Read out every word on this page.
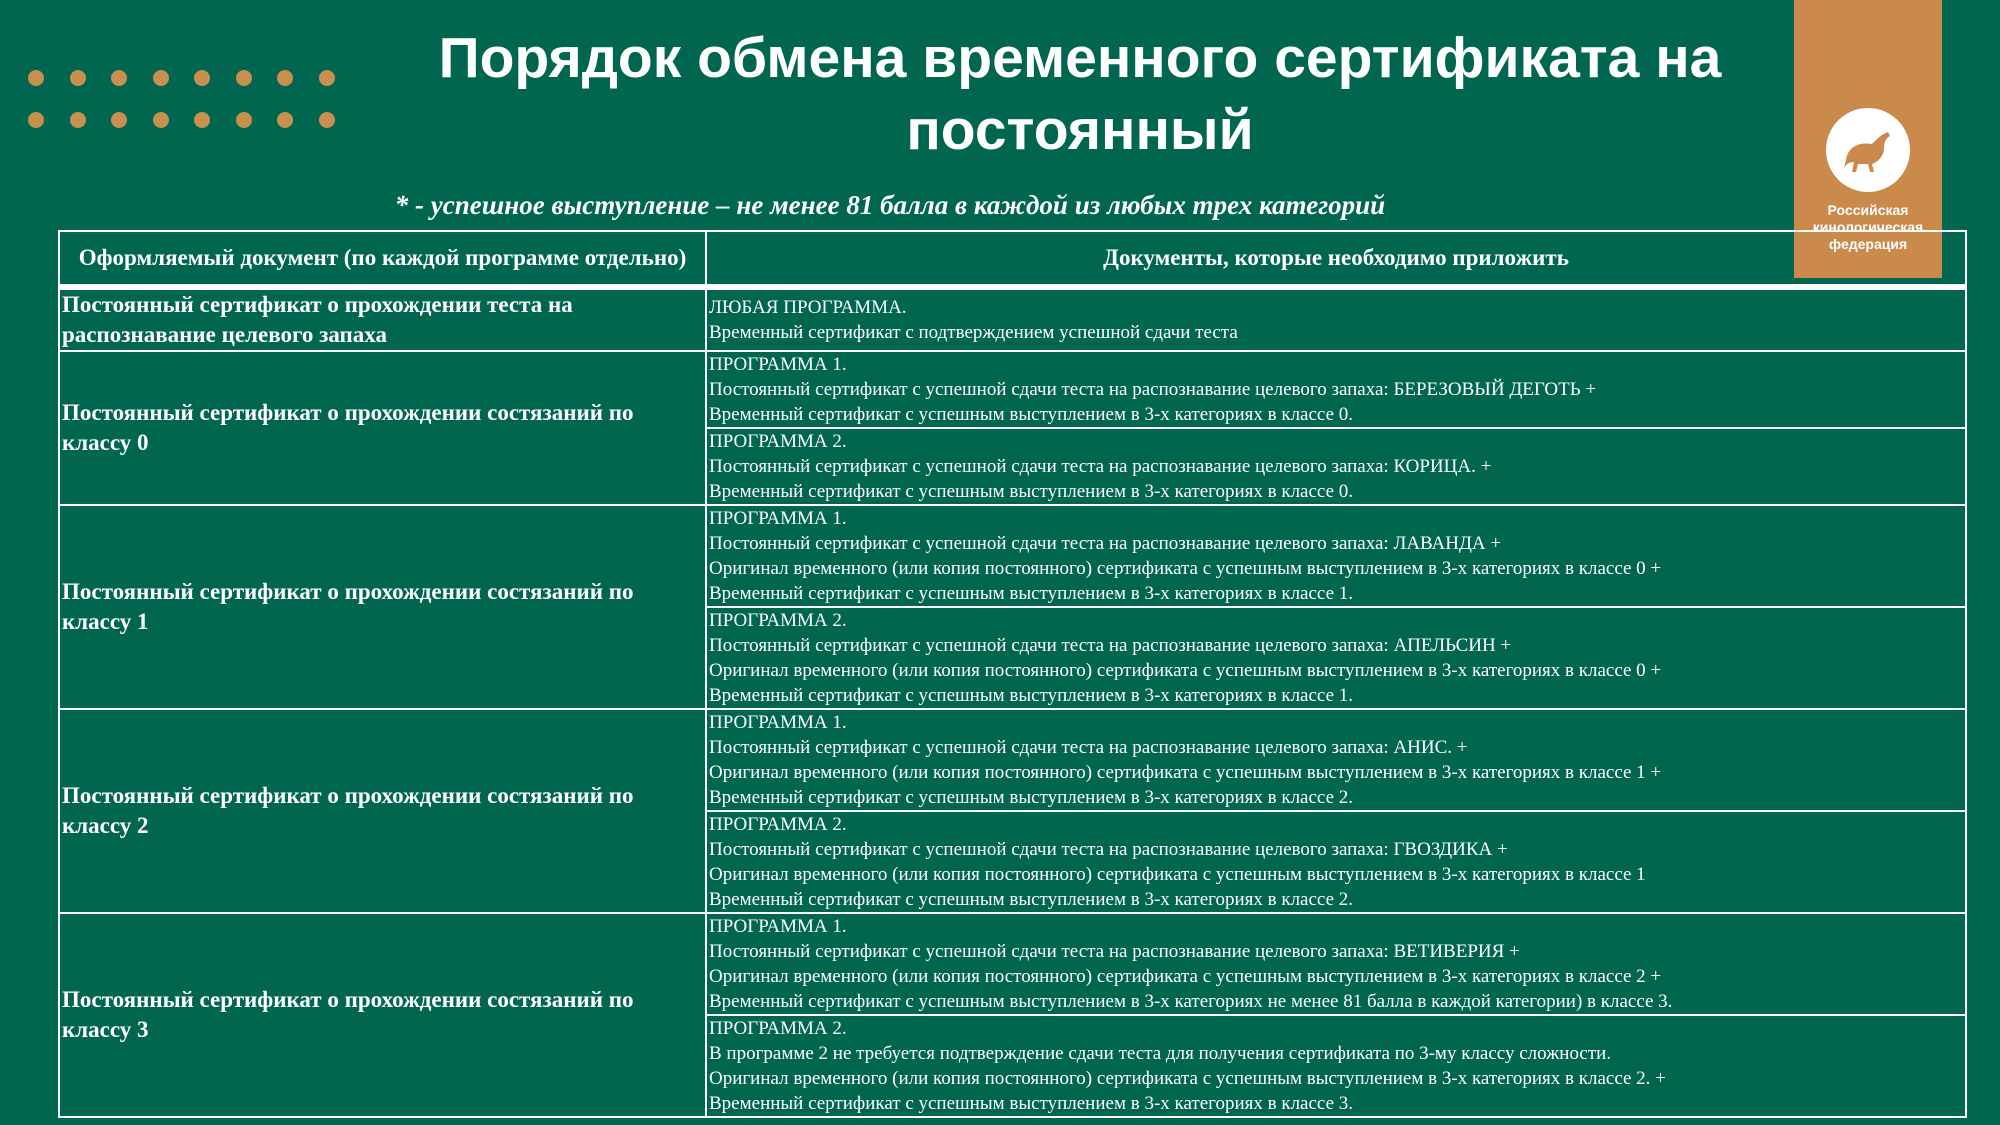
Порядок обмена временного сертификата на постоянный
* - успешное выступление – не менее 81 балла в каждой из любых трех категорий	Российская
кинологическая
федерация
Оформляемый документ (по каждой программе отдельно)	Документы, которые необходимо приложить
Постоянный сертификат о прохождении теста на распознавание целевого запаха	ЛЮБАЯ ПРОГРАММА.
Временный сертификат с подтверждением успешной сдачи теста

Постоянный сертификат о прохождении состязаний по классу 0	ПРОГРАММА 1.
Постоянный сертификат с успешной сдачи теста на распознавание целевого запаха: БЕРЕЗОВЫЙ ДЕГОТЬ +
Временный сертификат с успешным выступлением в 3-х категориях в классе 0.

	ПРОГРАММА 2.
Постоянный сертификат с успешной сдачи теста на распознавание целевого запаха: КОРИЦА. +
Временный сертификат с успешным выступлением в 3-х категориях в классе 0.

Постоянный сертификат о прохождении состязаний по классу 1	ПРОГРАММА 1.
Постоянный сертификат с успешной сдачи теста на распознавание целевого запаха: ЛАВАНДА +
Оригинал временного (или копия постоянного) сертификата с успешным выступлением в 3-х категориях в классе 0 +
Временный сертификат с успешным выступлением в 3-х категориях в классе 1.

	ПРОГРАММА 2.
Постоянный сертификат с успешной сдачи теста на распознавание целевого запаха: АПЕЛЬСИН +
Оригинал временного (или копия постоянного) сертификата с успешным выступлением в 3-х категориях в классе 0 +
Временный сертификат с успешным выступлением в 3-х категориях в классе 1.

Постоянный сертификат о прохождении состязаний по классу 2	ПРОГРАММА 1.
Постоянный сертификат с успешной сдачи теста на распознавание целевого запаха: АНИС. +
Оригинал временного (или копия постоянного) сертификата с успешным выступлением в 3-х категориях в классе 1 +
Временный сертификат с успешным выступлением в 3-х категориях в классе 2.

	ПРОГРАММА 2.
Постоянный сертификат с успешной сдачи теста на распознавание целевого запаха: ГВОЗДИКА +
Оригинал временного (или копия постоянного) сертификата с успешным выступлением в 3-х категориях в классе 1
Временный сертификат с успешным выступлением в 3-х категориях в классе 2.

Постоянный сертификат о прохождении состязаний по классу 3	ПРОГРАММА 1.
Постоянный сертификат с успешной сдачи теста на распознавание целевого запаха: ВЕТИВЕРИЯ +
Оригинал временного (или копия постоянного) сертификата с успешным выступлением в 3-х категориях в классе 2 +
Временный сертификат с успешным выступлением в 3-х категориях не менее 81 балла в каждой категории) в классе 3.

	ПРОГРАММА 2.
В программе 2 не требуется подтверждение сдачи теста для получения сертификата по 3-му классу сложности.
Оригинал временного (или копия постоянного) сертификата с успешным выступлением в 3-х категориях в классе 2. +
Временный сертификат с успешным выступлением в 3-х категориях в классе 3.
